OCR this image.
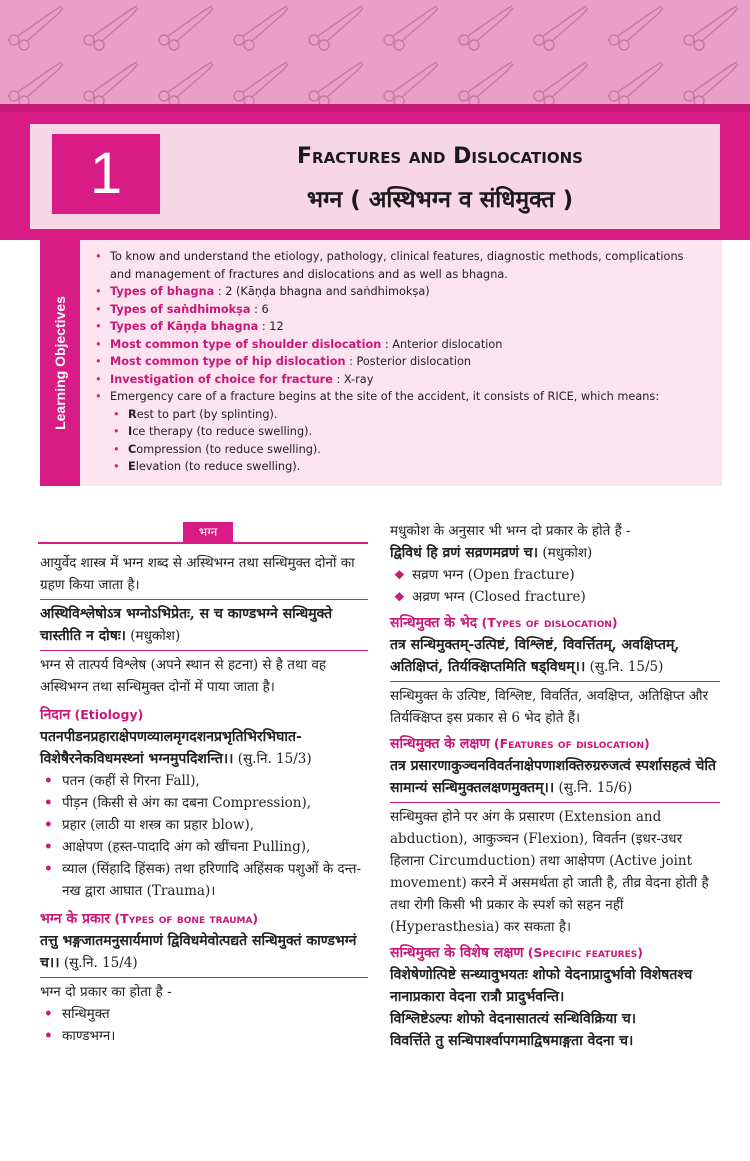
1	Fractures and Dislocations
भग्न ( अस्थिभग्न व संधिमुक्त )
Learning Objectives
• To know and understand the etiology, pathology, clinical features, diagnostic methods, complications and management of fractures and dislocations and as well as bhagna.
• Types of bhagna : 2 (Kāṇḍa bhagna and saṅdhimokṣa)
• Types of saṅdhimokṣa : 6
• Types of Kāṇḍa bhagna : 12
• Most common type of shoulder dislocation : Anterior dislocation
• Most common type of hip dislocation : Posterior dislocation
• Investigation of choice for fracture : X-ray
• Emergency care of a fracture begins at the site of the accident, it consists of RICE, which means:
• Rest to part (by splinting).
• Ice therapy (to reduce swelling).
• Compression (to reduce swelling).
• Elevation (to reduce swelling).
भग्न

आयुर्वेद शास्त्र में भग्न शब्द से अस्थिभग्न तथा सन्धिमुक्त दोनों का ग्रहण किया जाता है।

अस्थिविश्लेषोऽत्र भग्नोऽभिप्रेतः, स च काण्डभग्ने सन्धिमुक्ते चास्तीति न दोषः। (मधुकोश)

भग्न से तात्पर्य विश्लेष (अपने स्थान से हटना) से है तथा वह अस्थिभग्न तथा सन्धिमुक्त दोनों में पाया जाता है।

निदान (Etiology)

पतनपीडनप्रहाराक्षेपणव्यालमृगदशनप्रभृतिभिरभिघात-विशेषैरनेकविधमस्थ्नां भग्नमुपदिशन्ति।। (सु.नि. 15/3)

• पतन (कहीं से गिरना Fall),
• पीड़न (किसी से अंग का दबना Compression),
• प्रहार (लाठी या शस्त्र का प्रहार blow),
• आक्षेपण (हस्त-पादादि अंग को खींचना Pulling),
• व्याल (सिंहादि हिंसक) तथा हरिणादि अहिंसक पशुओं के दन्त-नख द्वारा आघात (Trauma)।

भग्न के प्रकार (Types of bone trauma)

तत्तु भङ्गजातमनुसार्यमाणं द्विविधमेवोत्पद्यते सन्धिमुक्तं काण्डभग्नं च।। (सु.नि. 15/4)

भग्न दो प्रकार का होता है -

• सन्धिमुक्त
• काण्डभग्न।

मधुकोश के अनुसार भी भग्न दो प्रकार के होते हैं -

द्विविधं हि व्रणं सव्रणमव्रणं च। (मधुकोश)

❖ सव्रण भग्न (Open fracture)
❖ अव्रण भग्न (Closed fracture)

सन्धिमुक्त के भेद (Types of dislocation)

तत्र सन्धिमुक्तम्-उत्पिष्टं, विश्लिष्टं, विवर्त्तितम्, अवक्षिप्तम्, अतिक्षिप्तं, तिर्यक्क्षिप्तमिति षड्विधम्।। (सु.नि. 15/5)

सन्धिमुक्त के उत्पिष्ट, विश्लिष्ट, विवर्तित, अवक्षिप्त, अतिक्षिप्त और तिर्यक्क्षिप्त इस प्रकार से 6 भेद होते हैं।

सन्धिमुक्त के लक्षण (Features of dislocation)

तत्र प्रसारणाकुञ्चनविवर्तनाक्षेपणाशक्तिरुग्ररुजत्वं स्पर्शासहत्वं चेति सामान्यं सन्धिमुक्तलक्षणमुक्तम्।। (सु.नि. 15/6)

सन्धिमुक्त होने पर अंग के प्रसारण (Extension and abduction), आकुञ्चन (Flexion), विवर्तन (इधर-उधर हिलाना Circumduction) तथा आक्षेपण (Active joint movement) करने में असमर्थता हो जाती है, तीव्र वेदना होती है तथा रोगी किसी भी प्रकार के स्पर्श को सहन नहीं (Hyperasthesia) कर सकता है।

सन्धिमुक्त के विशेष लक्षण (Specific features)

विशेषेणोत्पिष्टे सन्ध्यावुभयतः शोफो वेदनाप्रादुर्भावो विशेषतश्च नानाप्रकारा वेदना रात्रौ प्रादुर्भवन्ति।

विश्लिष्टेऽल्पः शोफो वेदनासातत्यं सन्धिविक्रिया च।

विवर्त्तिते तु सन्धिपार्श्वापगमाद्विषमाङ्गता वेदना च।
